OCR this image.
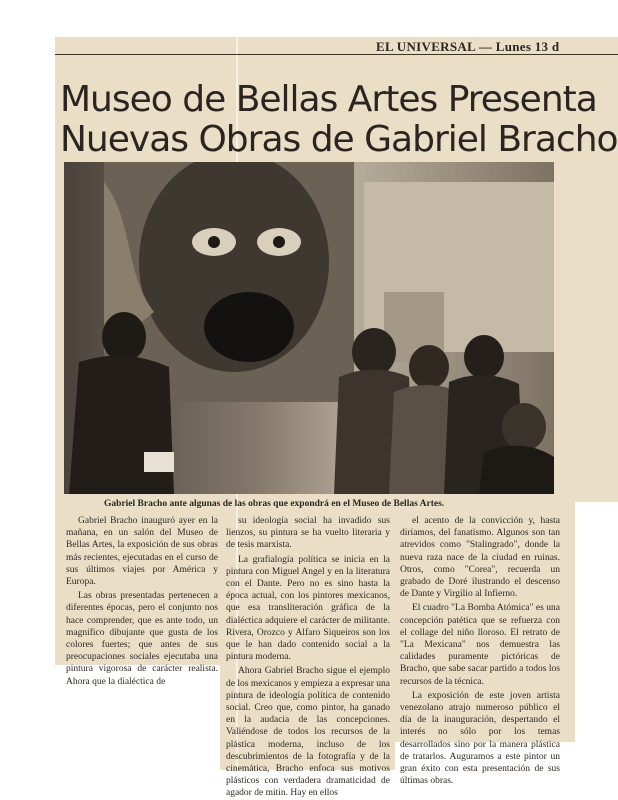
EL UNIVERSAL — Lunes 13 d
Museo de Bellas Artes Presenta
Nuevas Obras de Gabriel Bracho
Gabriel Bracho ante algunas de las obras que expondrá en el Museo de Bellas Artes.

Gabriel Bracho inauguró ayer en la mañana, en un salón del Museo de Bellas Artes, la exposición de sus obras más recientes, ejecutadas en el curso de sus últimos viajes por América y Europa.

Las obras presentadas pertenecen a diferentes épocas, pero el conjunto nos hace comprender, que es ante todo, un magnífico dibujante que gusta de los colores fuertes; que antes de sus preocupaciones sociales ejecutaba una pintura vigorosa de carácter realista. Ahora que la dialéctica de

su ideología social ha invadido sus lienzos, su pintura se ha vuelto literaria y de tesis marxista.

La grafialogía política se inicia en la pintura con Miguel Angel y en la literatura con el Dante. Pero no es sino hasta la época actual, con los pintores mexicanos, que esa transliteración gráfica de la dialéctica adquiere el carácter de militante. Rivera, Orozco y Alfaro Siqueiros son los que le han dado contenido social a la pintura moderna.

Ahora Gabriel Bracho sigue el ejemplo de los mexicanos y empieza a expresar una pintura de ideología política de contenido social. Creo que, como pintor, ha ganado en la audacia de las concepciones. Valiéndose de todos los recursos de la plástica moderna, incluso de los descubrimientos de la fotografía y de la cinemática, Bracho enfoca sus motivos plásticos con verdadera dramaticidad de agador de mitin. Hay en ellos

el acento de la convicción y, hasta diríamos, del fanatismo. Algunos son tan atrevidos como "Stalingrado", donde la nueva raza nace de la ciudad en ruinas. Otros, como "Corea", recuerda un grabado de Doré ilustrando el descenso de Dante y Virgilio al Infierno.

El cuadro "La Bomba Atómica" es una concepción patética que se refuerza con el collage del niño lloroso. El retrato de "La Mexicana" nos demuestra las calidades puramente pictóricas de Bracho, que sabe sacar partido a todos los recursos de la técnica.

La exposición de este joven artista venezolano atrajo numeroso público el día de la inauguración, despertando el interés no sólo por los temas desarrollados sino por la manera plástica de tratarlos. Auguramos a este pintor un gran éxito con esta presentación de sus últimas obras.
